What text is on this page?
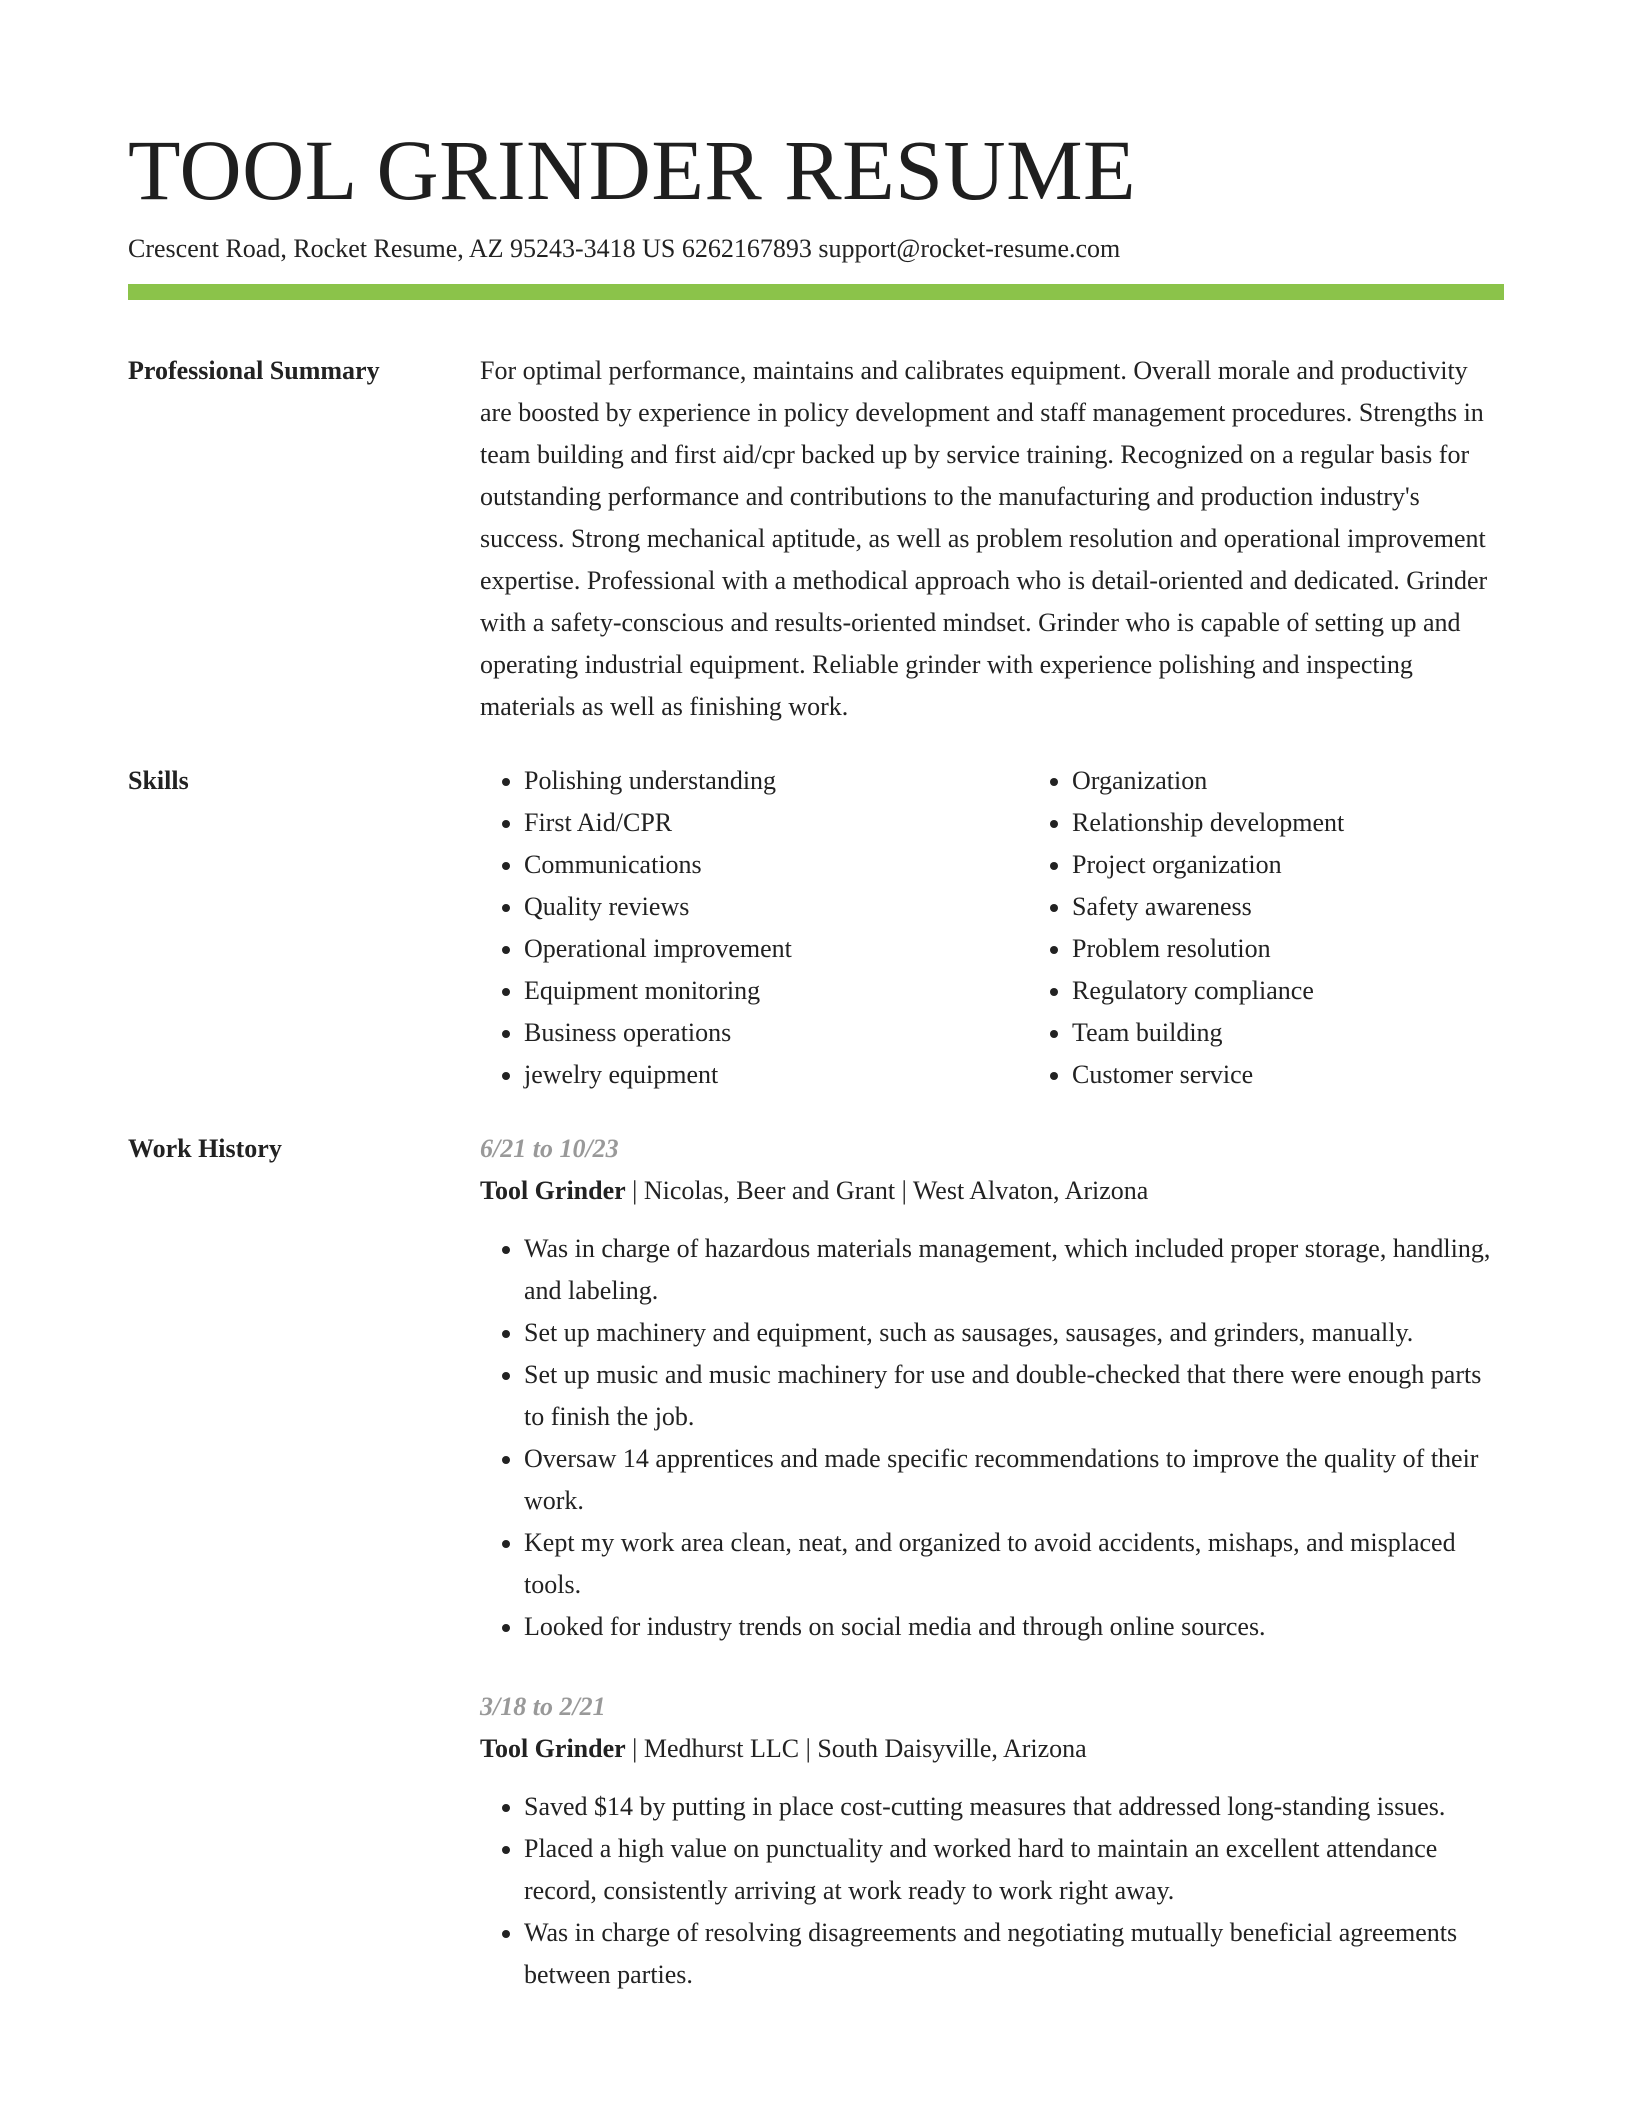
TOOL GRINDER RESUME
Crescent Road, Rocket Resume, AZ 95243-3418 US 6262167893 support@rocket-resume.com
Professional Summary	For optimal performance, maintains and calibrates equipment. Overall morale and productivity are boosted by experience in policy development and staff management procedures. Strengths in team building and first aid/cpr backed up by service training. Recognized on a regular basis for outstanding performance and contributions to the manufacturing and production industry's success. Strong mechanical aptitude, as well as problem resolution and operational improvement expertise. Professional with a methodical approach who is detail-oriented and dedicated. Grinder with a safety-conscious and results-oriented mindset. Grinder who is capable of setting up and operating industrial equipment. Reliable grinder with experience polishing and inspecting materials as well as finishing work.
Skills
•	Polishing understanding
• First Aid/CPR
• Communications
• Quality reviews
• Operational improvement
• Equipment monitoring
• Business operations
• jewelry equipment
• Organization
• Relationship development
• Project organization
• Safety awareness
• Problem resolution
• Regulatory compliance
• Team building
• Customer service
Work History	6/21 to 10/23
Tool Grinder | Nicolas, Beer and Grant | West Alvaton, Arizona
• Was in charge of hazardous materials management, which included proper storage, handling, and labeling.
• Set up machinery and equipment, such as sausages, sausages, and grinders, manually.
• Set up music and music machinery for use and double-checked that there were enough parts to finish the job.
• Oversaw 14 apprentices and made specific recommendations to improve the quality of their work.
• Kept my work area clean, neat, and organized to avoid accidents, mishaps, and misplaced tools.
• Looked for industry trends on social media and through online sources.
3/18 to 2/21
Tool Grinder | Medhurst LLC | South Daisyville, Arizona
• Saved $14 by putting in place cost-cutting measures that addressed long-standing issues.
• Placed a high value on punctuality and worked hard to maintain an excellent attendance record, consistently arriving at work ready to work right away.
• Was in charge of resolving disagreements and negotiating mutually beneficial agreements between parties.
